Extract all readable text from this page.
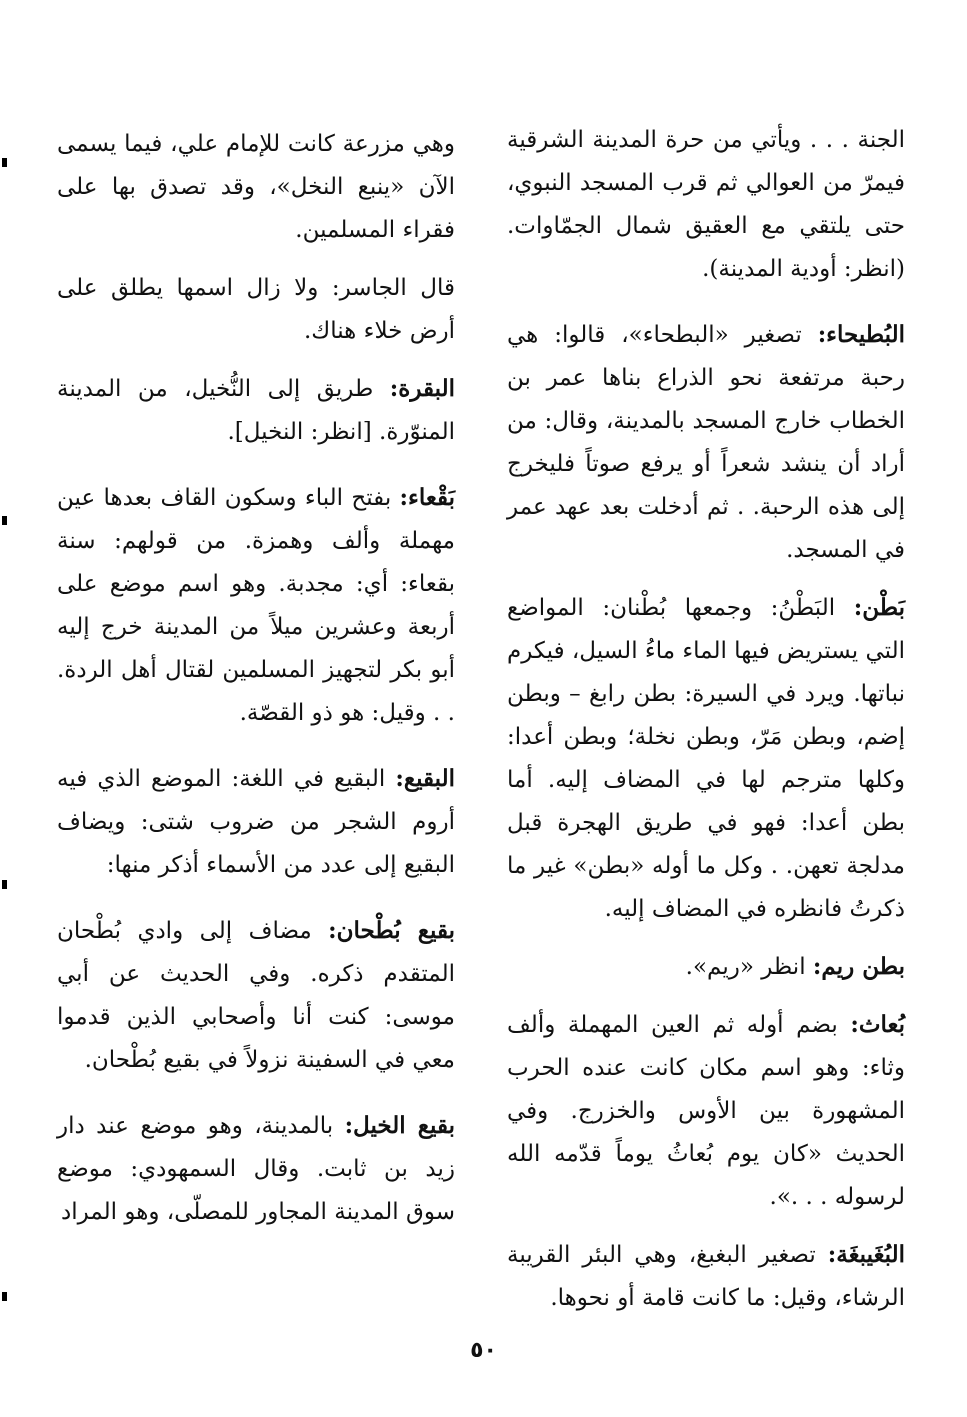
الجنة . . . ويأتي من حرة المدينة الشرقية فيمرّ من العوالي ثم قرب المسجد النبوي، حتى يلتقي مع العقيق شمال الجمّاوات. (انظر: أودية المدينة).

البُطيحاء: تصغير «البطحاء»، قالوا: هي رحبة مرتفعة نحو الذراع بناها عمر بن الخطاب خارج المسجد بالمدينة، وقال: من أراد أن ينشد شعراً أو يرفع صوتاً فليخرج إلى هذه الرحبة. . ثم أدخلت بعد عهد عمر في المسجد.

بَطْن: البَطْنُ: وجمعها بُطْنان: المواضع التي يستريض فيها الماء ماءُ السيل، فيكرم نباتها. ويرد في السيرة: بطن رابغ – وبطن إضم، وبطن مَرّ، وبطن نخلة؛ وبطن أعدا: وكلها مترجم لها في المضاف إليه. أما بطن أعدا: فهو في طريق الهجرة قبل مدلجة تعهن. . وكل ما أوله «بطن» غير ما ذكرتُ فانظره في المضاف إليه.

بطن ريم: انظر «ريم».

بُعاث: بضم أوله ثم العين المهملة وألف وثاء: وهو اسم مكان كانت عنده الحرب المشهورة بين الأوس والخزرج. وفي الحديث «كان يوم بُعاثُ يوماً قدّمه الله لرسوله . . .».

البُغَيبغَة: تصغير البغبغ، وهي البئر القريبة الرشاء، وقيل: ما كانت قامة أو نحوها.

وهي مزرعة كانت للإمام علي، فيما يسمى الآن «ينبع النخل»، وقد تصدق بها على فقراء المسلمين.

قال الجاسر: ولا زال اسمها يطلق على أرض خلاء هناك.

البقرة: طريق إلى النُّخيل، من المدينة المنوّرة. [انظر: النخيل].

بَقْعاء: بفتح الباء وسكون القاف بعدها عين مهملة وألف وهمزة. من قولهم: سنة بقعاء: أي: مجدبة. وهو اسم موضع على أربعة وعشرين ميلاً من المدينة خرج إليه أبو بكر لتجهيز المسلمين لقتال أهل الردة. . . وقيل: هو ذو القصّة.

البقيع: البقيع في اللغة: الموضع الذي فيه أروم الشجر من ضروب شتى: ويضاف البقيع إلى عدد من الأسماء أذكر منها:

بقيع بُطْحان: مضاف إلى وادي بُطْحان المتقدم ذكره. وفي الحديث عن أبي موسى: كنت أنا وأصحابي الذين قدموا معي في السفينة نزولاً في بقيع بُطْحان.

بقيع الخيل: بالمدينة، وهو موضع عند دار زيد بن ثابت. وقال السمهودي: موضع سوق المدينة المجاور للمصلّى، وهو المراد

٥٠
